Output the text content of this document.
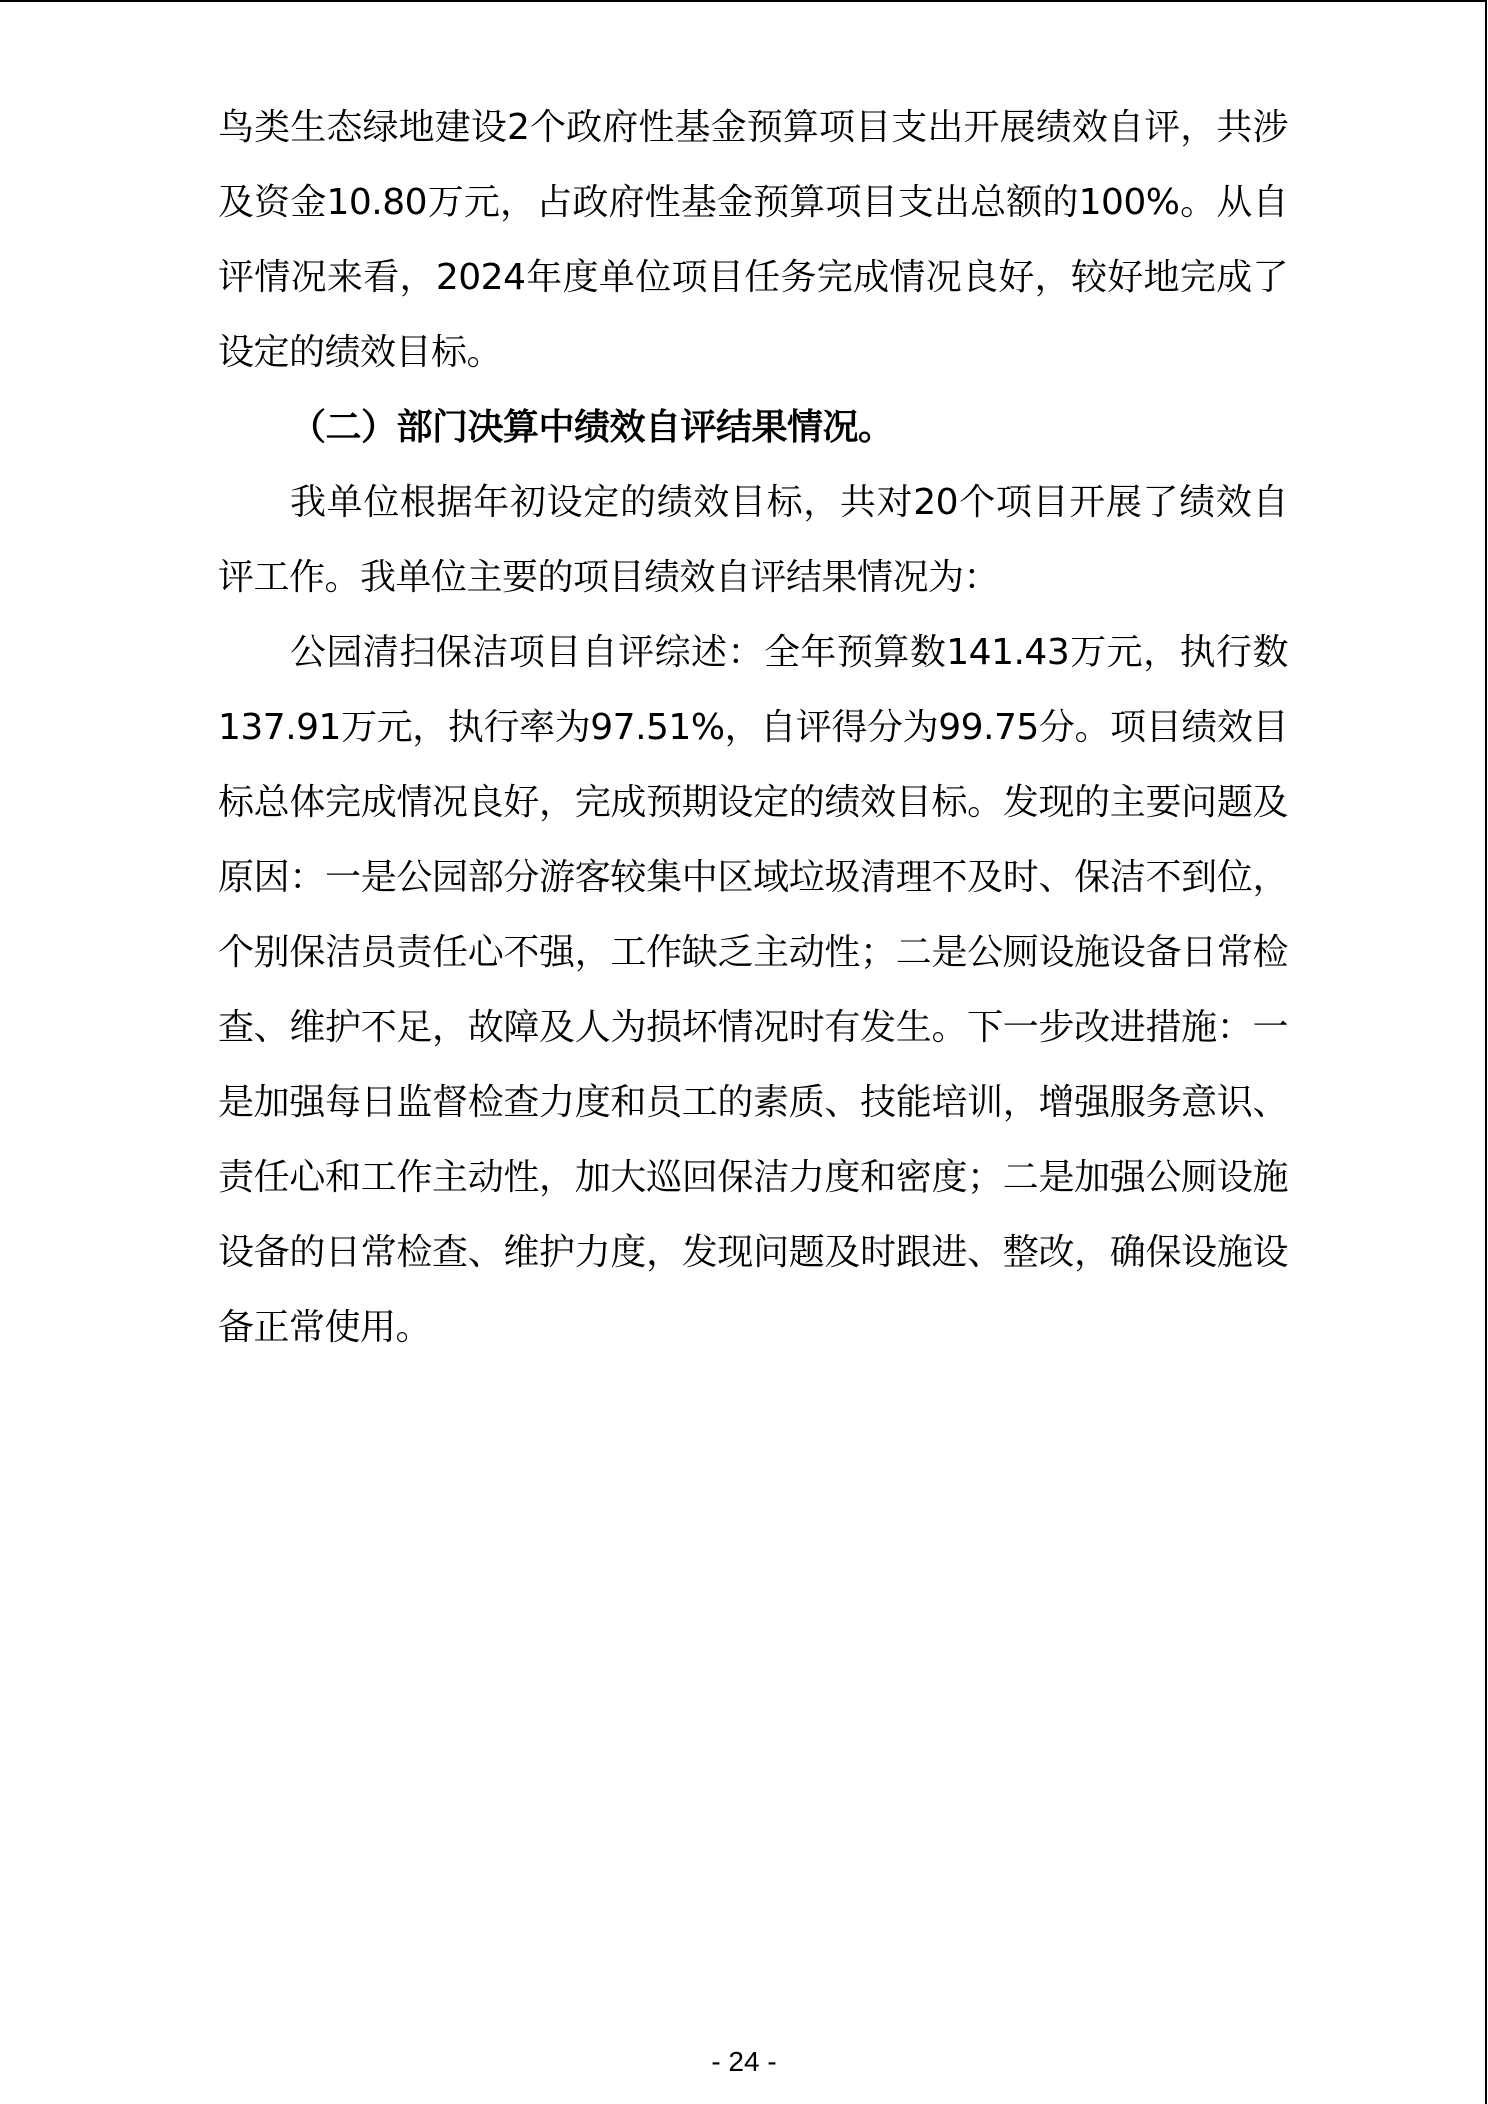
鸟类生态绿地建设2个政府性基金预算项目支出开展绩效自评，共涉及资金10.80万元，占政府性基金预算项目支出总额的100%。从自评情况来看，2024年度单位项目任务完成情况良好，较好地完成了设定的绩效目标。

（二）部门决算中绩效自评结果情况。

我单位根据年初设定的绩效目标，共对20个项目开展了绩效自评工作。我单位主要的项目绩效自评结果情况为：

公园清扫保洁项目自评综述：全年预算数141.43万元，执行数137.91万元，执行率为97.51%，自评得分为99.75分。项目绩效目标总体完成情况良好，完成预期设定的绩效目标。发现的主要问题及原因：一是公园部分游客较集中区域垃圾清理不及时、保洁不到位，个别保洁员责任心不强，工作缺乏主动性；二是公厕设施设备日常检查、维护不足，故障及人为损坏情况时有发生。下一步改进措施：一是加强每日监督检查力度和员工的素质、技能培训，增强服务意识、责任心和工作主动性，加大巡回保洁力度和密度；二是加强公厕设施设备的日常检查、维护力度，发现问题及时跟进、整改，确保设施设备正常使用。

- 24 -
